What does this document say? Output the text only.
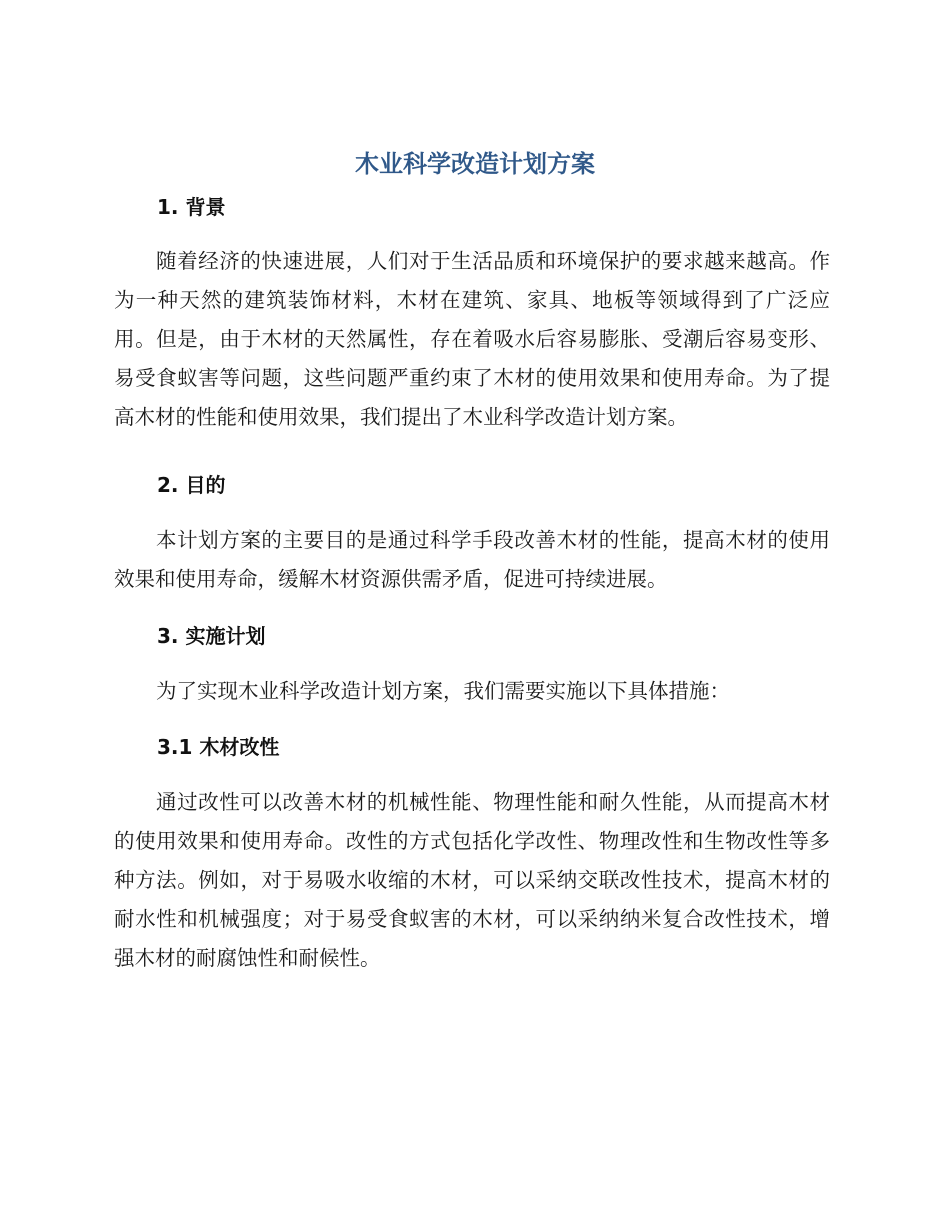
木业科学改造计划方案
1. 背景

随着经济的快速进展，人们对于生活品质和环境保护的要求越来越高。作为一种天然的建筑装饰材料，木材在建筑、家具、地板等领域得到了广泛应用。但是，由于木材的天然属性，存在着吸水后容易膨胀、受潮后容易变形、易受食蚁害等问题，这些问题严重约束了木材的使用效果和使用寿命。为了提高木材的性能和使用效果，我们提出了木业科学改造计划方案。

2. 目的

本计划方案的主要目的是通过科学手段改善木材的性能，提高木材的使用效果和使用寿命，缓解木材资源供需矛盾，促进可持续进展。

3. 实施计划

为了实现木业科学改造计划方案，我们需要实施以下具体措施：

3.1 木材改性

通过改性可以改善木材的机械性能、物理性能和耐久性能，从而提高木材的使用效果和使用寿命。改性的方式包括化学改性、物理改性和生物改性等多种方法。例如，对于易吸水收缩的木材，可以采纳交联改性技术，提高木材的耐水性和机械强度；对于易受食蚁害的木材，可以采纳纳米复合改性技术，增强木材的耐腐蚀性和耐候性。
